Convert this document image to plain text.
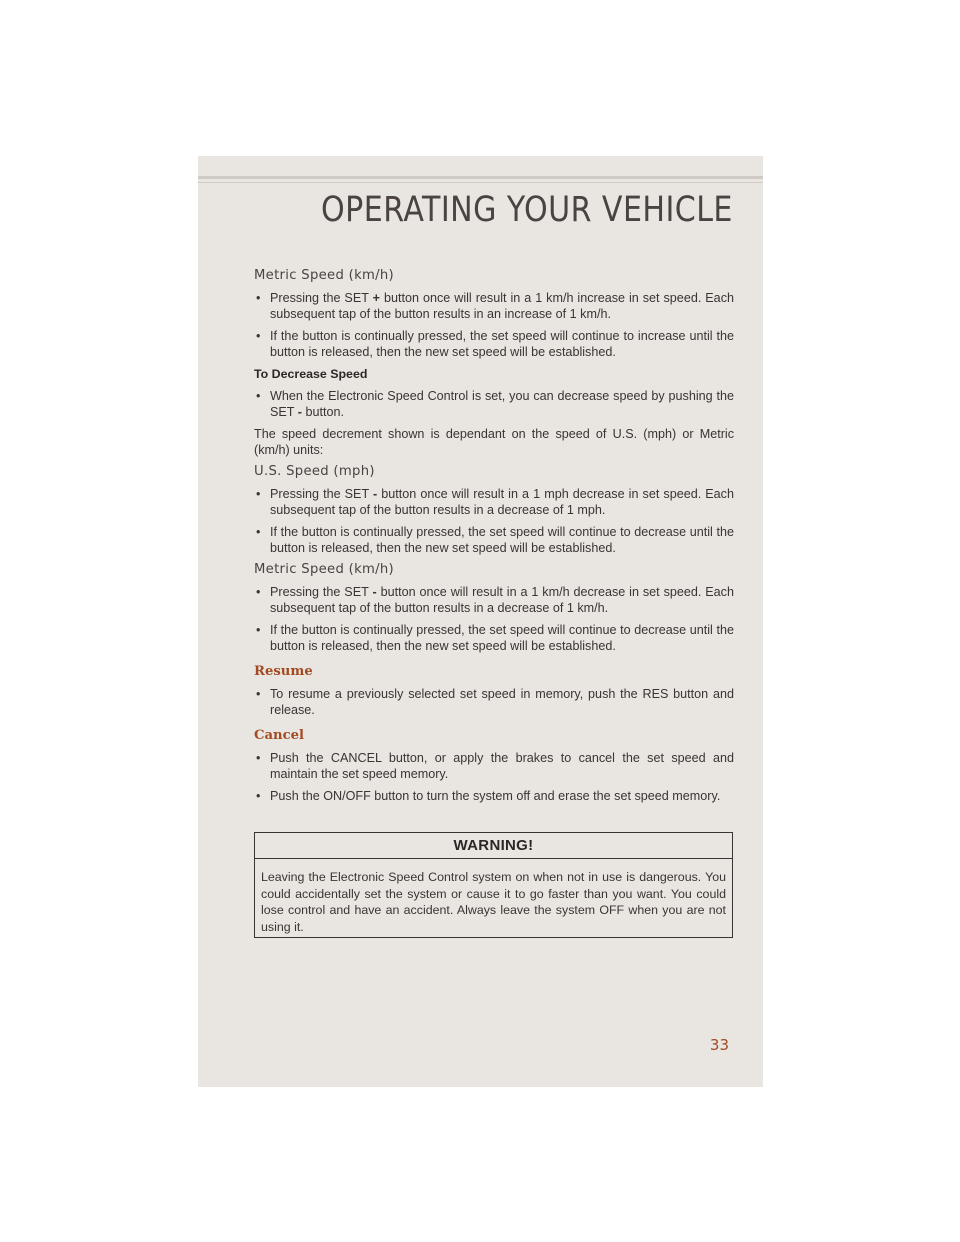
OPERATING YOUR VEHICLE
Metric Speed (km/h)
• Pressing the SET + button once will result in a 1 km/h increase in set speed. Each subsequent tap of the button results in an increase of 1 km/h.
• If the button is continually pressed, the set speed will continue to increase until the button is released, then the new set speed will be established.
To Decrease Speed
• When the Electronic Speed Control is set, you can decrease speed by pushing the SET - button.
The speed decrement shown is dependant on the speed of U.S. (mph) or Metric (km/h) units:
U.S. Speed (mph)
• Pressing the SET - button once will result in a 1 mph decrease in set speed. Each subsequent tap of the button results in a decrease of 1 mph.
• If the button is continually pressed, the set speed will continue to decrease until the button is released, then the new set speed will be established.
Metric Speed (km/h)
• Pressing the SET - button once will result in a 1 km/h decrease in set speed. Each subsequent tap of the button results in a decrease of 1 km/h.
• If the button is continually pressed, the set speed will continue to decrease until the button is released, then the new set speed will be established.
Resume
• To resume a previously selected set speed in memory, push the RES button and release.
Cancel
• Push the CANCEL button, or apply the brakes to cancel the set speed and maintain the set speed memory.
• Push the ON/OFF button to turn the system off and erase the set speed memory.
WARNING!
Leaving the Electronic Speed Control system on when not in use is dangerous. You could accidentally set the system or cause it to go faster than you want. You could lose control and have an accident. Always leave the system OFF when you are not using it.
33
